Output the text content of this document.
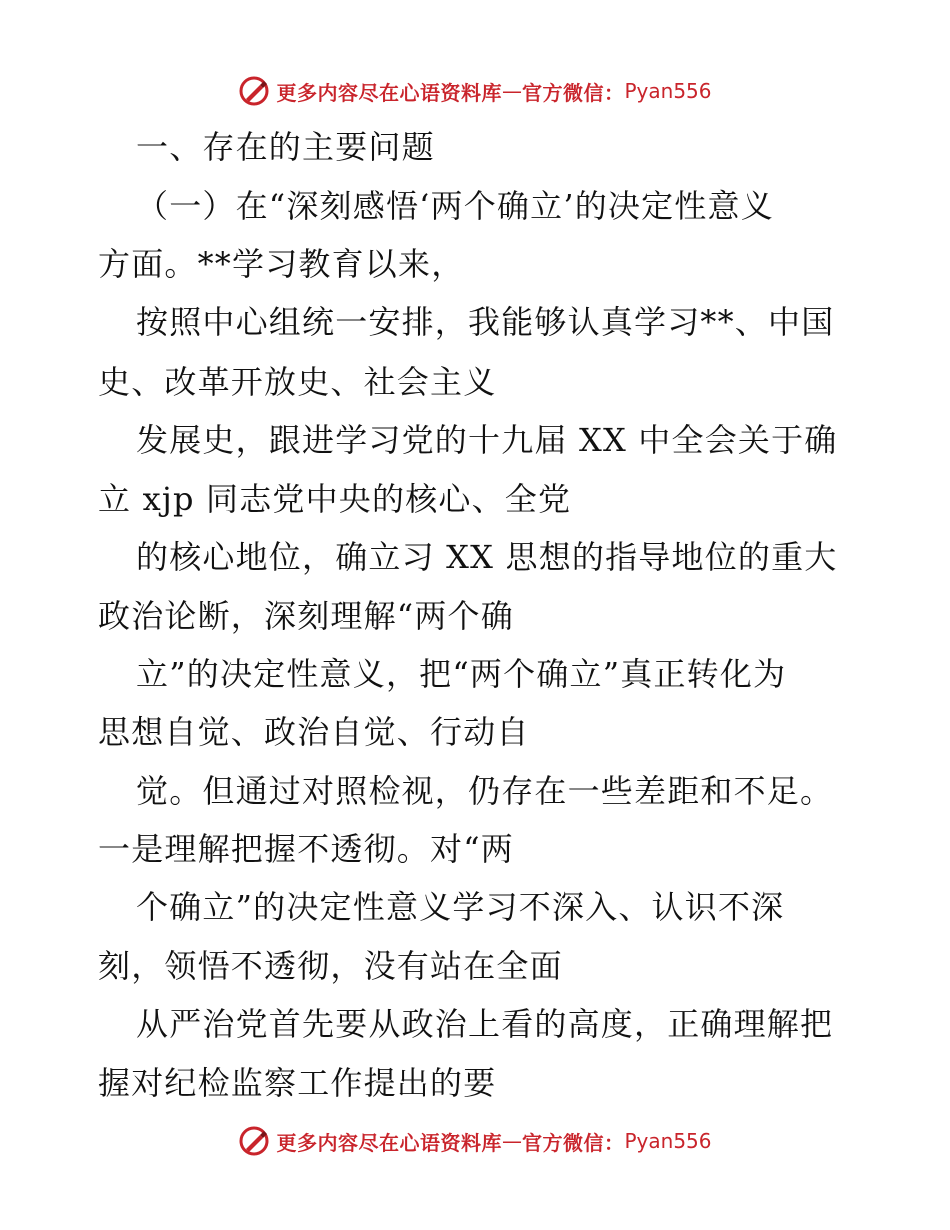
更多内容尽在心语资料库 — 官方微信： Pyan556
一、存在的主要问题
（一）在“深刻感悟‘两个确立’的决定性意义
方面。**学习教育以来，
按照中心组统一安排，我能够认真学习**、中国
史、改革开放史、社会主义
发展史，跟进学习党的十九届 XX 中全会关于确
立 xjp 同志党中央的核心、全党
的核心地位，确立习 XX 思想的指导地位的重大
政治论断，深刻理解“两个确
立”的决定性意义，把“两个确立”真正转化为
思想自觉、政治自觉、行动自
觉。但通过对照检视，仍存在一些差距和不足。
一是理解把握不透彻。对“两
个确立”的决定性意义学习不深入、认识不深
刻，领悟不透彻，没有站在全面
从严治党首先要从政治上看的高度，正确理解把
握对纪检监察工作提出的要
更多内容尽在心语资料库 — 官方微信： Pyan556
